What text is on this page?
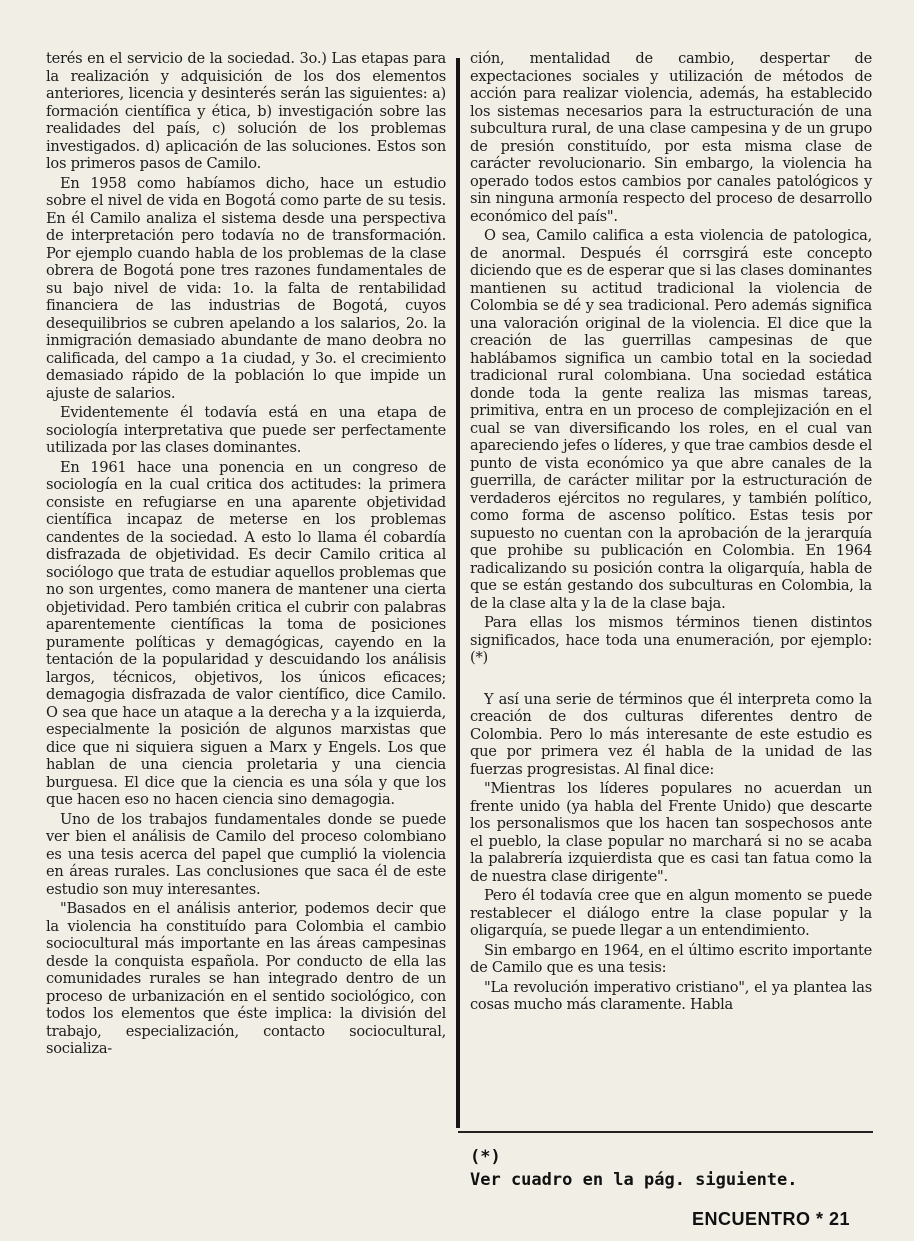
terés en el servicio de la sociedad. 3o.) Las etapas para la realización y adquisición de los dos elementos anteriores, licencia y desinterés serán las siguientes: a) formación científica y ética, b) investigación sobre las realidades del país, c) solución de los problemas investigados. d) aplicación de las soluciones. Estos son los primeros pasos de Camilo.

En 1958 como habíamos dicho, hace un estudio sobre el nivel de vida en Bogotá como parte de su tesis. En él Camilo analiza el sistema desde una perspectiva de interpretación pero todavía no de transformación. Por ejemplo cuando habla de los problemas de la clase obrera de Bogotá pone tres razones fundamentales de su bajo nivel de vida: 1o. la falta de rentabilidad financiera de las industrias de Bogotá, cuyos desequilibrios se cubren apelando a los salarios, 2o. la inmigración demasiado abundante de mano deobra no calificada, del campo a 1a ciudad, y 3o. el crecimiento demasiado rápido de la población lo que impide un ajuste de salarios.

Evidentemente él todavía está en una etapa de sociología interpretativa que puede ser perfectamente utilizada por las clases dominantes.

En 1961 hace una ponencia en un congreso de sociología en la cual critica dos actitudes: la primera consiste en refugiarse en una aparente objetividad científica incapaz de meterse en los problemas candentes de la sociedad. A esto lo llama él cobardía disfrazada de objetividad. Es decir Camilo critica al sociólogo que trata de estudiar aquellos problemas que no son urgentes, como manera de mantener una cierta objetividad. Pero también critica el cubrir con palabras aparentemente científicas la toma de posiciones puramente políticas y demagógicas, cayendo en la tentación de la popularidad y descuidando los análisis largos, técnicos, objetivos, los únicos eficaces; demagogia disfrazada de valor científico, dice Camilo. O sea que hace un ataque a la derecha y a la izquierda, especialmente la posición de algunos marxistas que dice que ni siquiera siguen a Marx y Engels. Los que hablan de una ciencia proletaria y una ciencia burguesa. El dice que la ciencia es una sóla y que los que hacen eso no hacen ciencia sino demagogia.

Uno de los trabajos fundamentales donde se puede ver bien el análisis de Camilo del proceso colombiano es una tesis acerca del papel que cumplió la violencia en áreas rurales. Las conclusiones que saca él de este estudio son muy interesantes.

"Basados en el análisis anterior, podemos decir que la violencia ha constituído para Colombia el cambio sociocultural más importante en las áreas campesinas desde la conquista española. Por conducto de ella las comunidades rurales se han integrado dentro de un proceso de urbanización en el sentido sociológico, con todos los elementos que éste implica: la división del trabajo, especialización, contacto sociocultural, socializa-

ción, mentalidad de cambio, despertar de expectaciones sociales y utilización de métodos de acción para realizar violencia, además, ha establecido los sistemas necesarios para la estructuración de una subcultura rural, de una clase campesina y de un grupo de presión constituído, por esta misma clase de carácter revolucionario. Sin embargo, la violencia ha operado todos estos cambios por canales patológicos y sin ninguna armonía respecto del proceso de desarrollo económico del país".

O sea, Camilo califica a esta violencia de patologica, de anormal. Después él corrsgirá este concepto diciendo que es de esperar que si las clases dominantes mantienen su actitud tradicional la violencia de Colombia se dé y sea tradicional. Pero además significa una valoración original de la violencia. El dice que la creación de las guerrillas campesinas de que hablábamos significa un cambio total en la sociedad tradicional rural colombiana. Una sociedad estática donde toda la gente realiza las mismas tareas, primitiva, entra en un proceso de complejización en el cual se van diversificando los roles, en el cual van apareciendo jefes o líderes, y que trae cambios desde el punto de vista económico ya que abre canales de la guerrilla, de carácter militar por la estructuración de verdaderos ejércitos no regulares, y también político, como forma de ascenso político. Estas tesis por supuesto no cuentan con la aprobación de la jerarquía que prohibe su publicación en Colombia. En 1964 radicalizando su posición contra la oligarquía, habla de que se están gestando dos subculturas en Colombia, la de la clase alta y la de la clase baja.

Para ellas los mismos términos tienen distintos significados, hace toda una enumeración, por ejemplo: (*)

Y así una serie de términos que él interpreta como la creación de dos culturas diferentes dentro de Colombia. Pero lo más interesante de este estudio es que por primera vez él habla de la unidad de las fuerzas progresistas. Al final dice:

"Mientras los líderes populares no acuerdan un frente unido (ya habla del Frente Unido) que descarte los personalismos que los hacen tan sospechosos ante el pueblo, la clase popular no marchará si no se acaba la palabrería izquierdista que es casi tan fatua como la de nuestra clase dirigente".

Pero él todavía cree que en algun momento se puede restablecer el diálogo entre la clase popular y la oligarquía, se puede llegar a un entendimiento.

Sin embargo en 1964, en el último escrito importante de Camilo que es una tesis:

"La revolución imperativo cristiano", el ya plantea las cosas mucho más claramente. Habla

(*)
Ver cuadro en la pág. siguiente.
ENCUENTRO * 21
